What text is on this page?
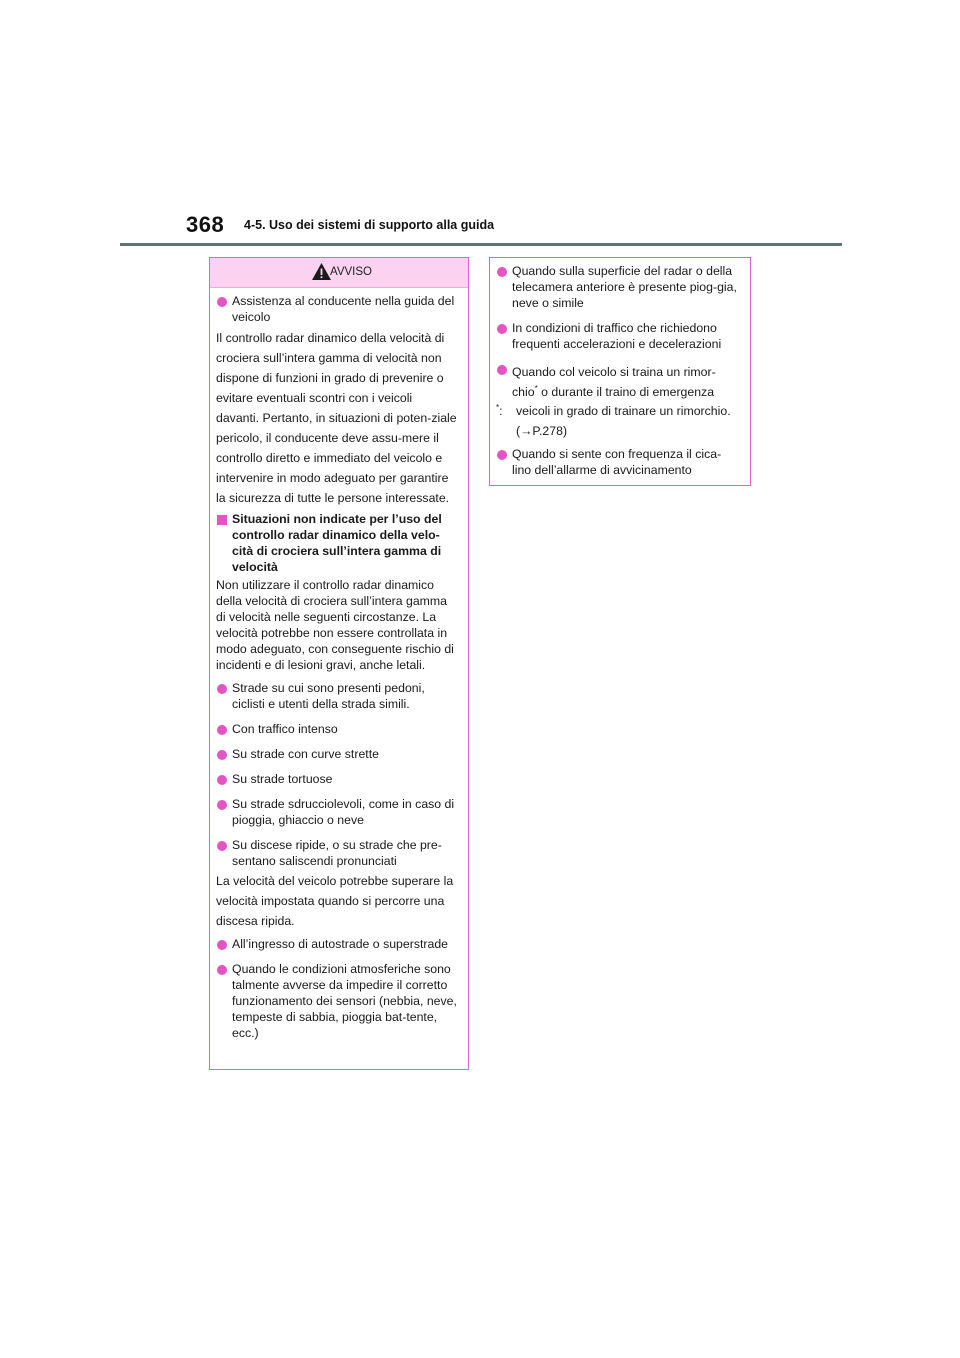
368 4-5. Uso dei sistemi di supporto alla guida
AVVISO
Assistenza al conducente nella guida del veicolo
Il controllo radar dinamico della velocità di crociera sull’intera gamma di velocità non dispone di funzioni in grado di prevenire o evitare eventuali scontri con i veicoli davanti. Pertanto, in situazioni di poten-ziale pericolo, il conducente deve assu-mere il controllo diretto e immediato del veicolo e intervenire in modo adeguato per garantire la sicurezza di tutte le persone interessate.
Situazioni non indicate per l’uso del controllo radar dinamico della velo-cità di crociera sull’intera gamma di velocità
Non utilizzare il controllo radar dinamico della velocità di crociera sull’intera gamma di velocità nelle seguenti circostanze. La velocità potrebbe non essere controllata in modo adeguato, con conseguente rischio di incidenti e di lesioni gravi, anche letali.
Strade su cui sono presenti pedoni, ciclisti e utenti della strada simili.
Con traffico intenso
Su strade con curve strette
Su strade tortuose
Su strade sdrucciolevoli, come in caso di pioggia, ghiaccio o neve
Su discese ripide, o su strade che pre-sentano saliscendi pronunciati
La velocità del veicolo potrebbe superare la velocità impostata quando si percorre una discesa ripida.
All’ingresso di autostrade o superstrade
Quando le condizioni atmosferiche sono talmente avverse da impedire il corretto funzionamento dei sensori (nebbia, neve, tempeste di sabbia, pioggia bat-tente, ecc.)
Quando sulla superficie del radar o della telecamera anteriore è presente piog-gia, neve o simile
In condizioni di traffico che richiedono frequenti accelerazioni e decelerazioni
Quando col veicolo si traina un rimor-
chio* o durante il traino di emergenza
*:	veicoli in grado di trainare un rimorchio.
(→P.278)
Quando si sente con frequenza il cica-lino dell’allarme di avvicinamento
